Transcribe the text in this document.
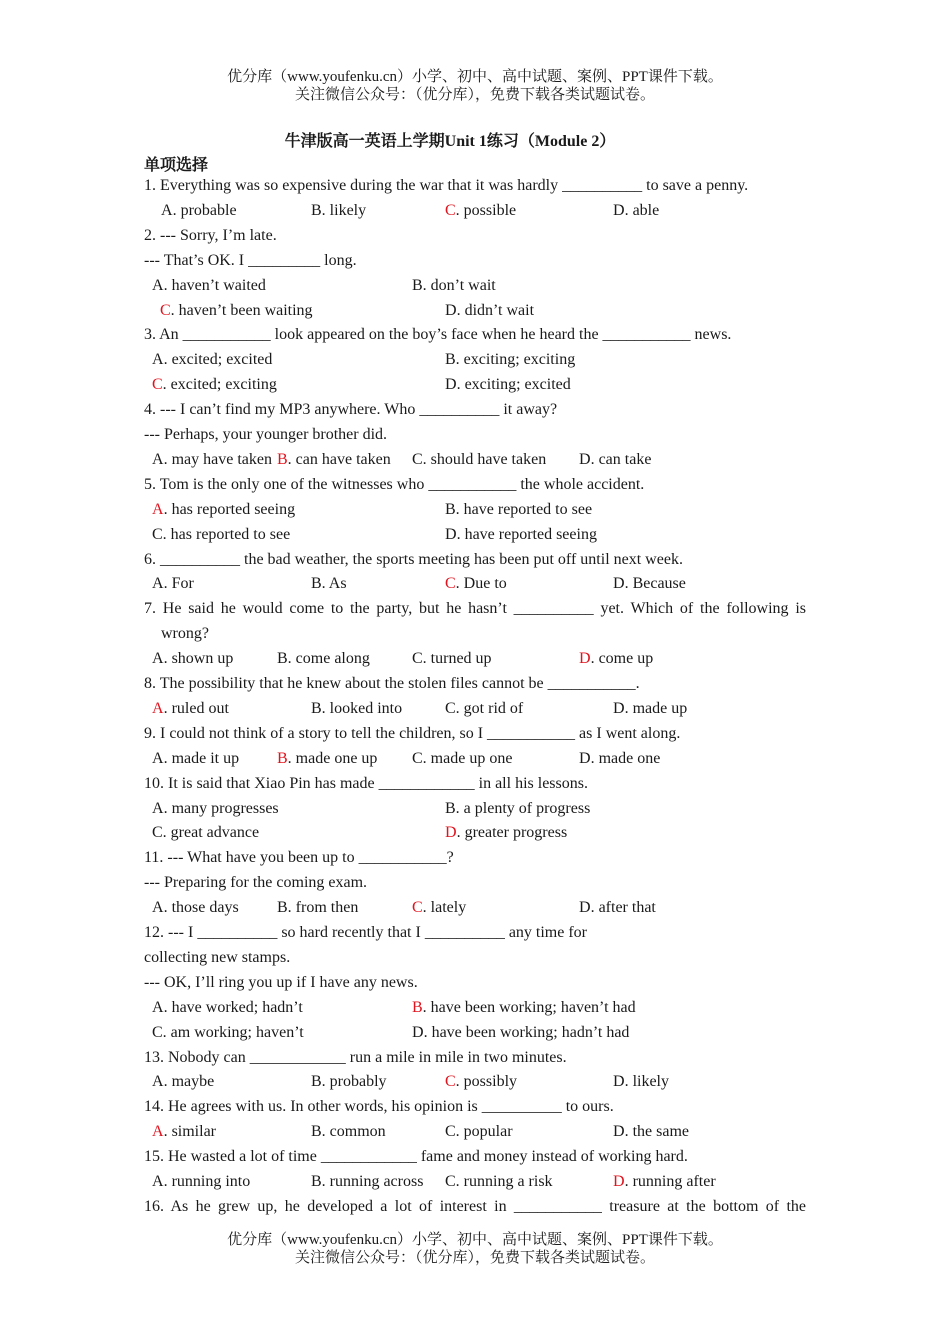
优分库（www.youfenku.cn）小学、初中、高中试题、案例、PPT课件下载。
关注微信公众号：（优分库），免费下载各类试题试卷。
牛津版高一英语上学期Unit 1练习（Module 2）
单项选择
1. Everything was so expensive during the war that it was hardly __________ to save a penny.
A. probable	B. likely	C. possible	D. able
2. --- Sorry, I’m late.
--- That’s OK. I _________ long.
A. haven’t waited	B. don’t wait
C. haven’t been waiting	D. didn’t wait
3. An ___________ look appeared on the boy’s face when he heard the ___________ news.
A. excited; excited	B. exciting; exciting
C. excited; exciting	D. exciting; excited
4. --- I can’t find my MP3 anywhere. Who __________ it away?
--- Perhaps, your younger brother did.
A. may have taken B. can have taken C. should have taken D. can take
5. Tom is the only one of the witnesses who ___________ the whole accident.
A. has reported seeing	B. have reported to see
C. has reported to see	D. have reported seeing
6. __________ the bad weather, the sports meeting has been put off until next week.
A. For	B. As	C. Due to	D. Because
7. He said he would come to the party, but he hasn’t __________ yet. Which of the following is
wrong?
A. shown up	B. come along	C. turned up	D. come up
8. The possibility that he knew about the stolen files cannot be ___________.
A. ruled out	B. looked into	C. got rid of	D. made up
9. I could not think of a story to tell the children, so I ___________ as I went along.
A. made it up B. made one up C. made up one	D. made one
10. It is said that Xiao Pin has made ____________ in all his lessons.
A. many progresses	B. a plenty of progress
C. great advance	D. greater progress
11. --- What have you been up to ___________?
--- Preparing for the coming exam.
A. those days B. from then	C. lately	D. after that
12. --- I __________ so hard recently that I __________ any time for
collecting new stamps.
--- OK, I’ll ring you up if I have any news.
A. have worked; hadn’t	B. have been working; haven’t had
C. am working; haven’t	D. have been working; hadn’t had
13. Nobody can ____________ run a mile in mile in two minutes.
A. maybe	B. probably	C. possibly	D. likely
14. He agrees with us. In other words, his opinion is __________ to ours.
A. similar	B. common	C. popular	D. the same
15. He wasted a lot of time ____________ fame and money instead of working hard.
A. running into	B. running across C. running a risk	D. running after
16. As he grew up, he developed a lot of interest in ___________ treasure at the bottom of the
优分库（www.youfenku.cn）小学、初中、高中试题、案例、PPT课件下载。
关注微信公众号：（优分库），免费下载各类试题试卷。
